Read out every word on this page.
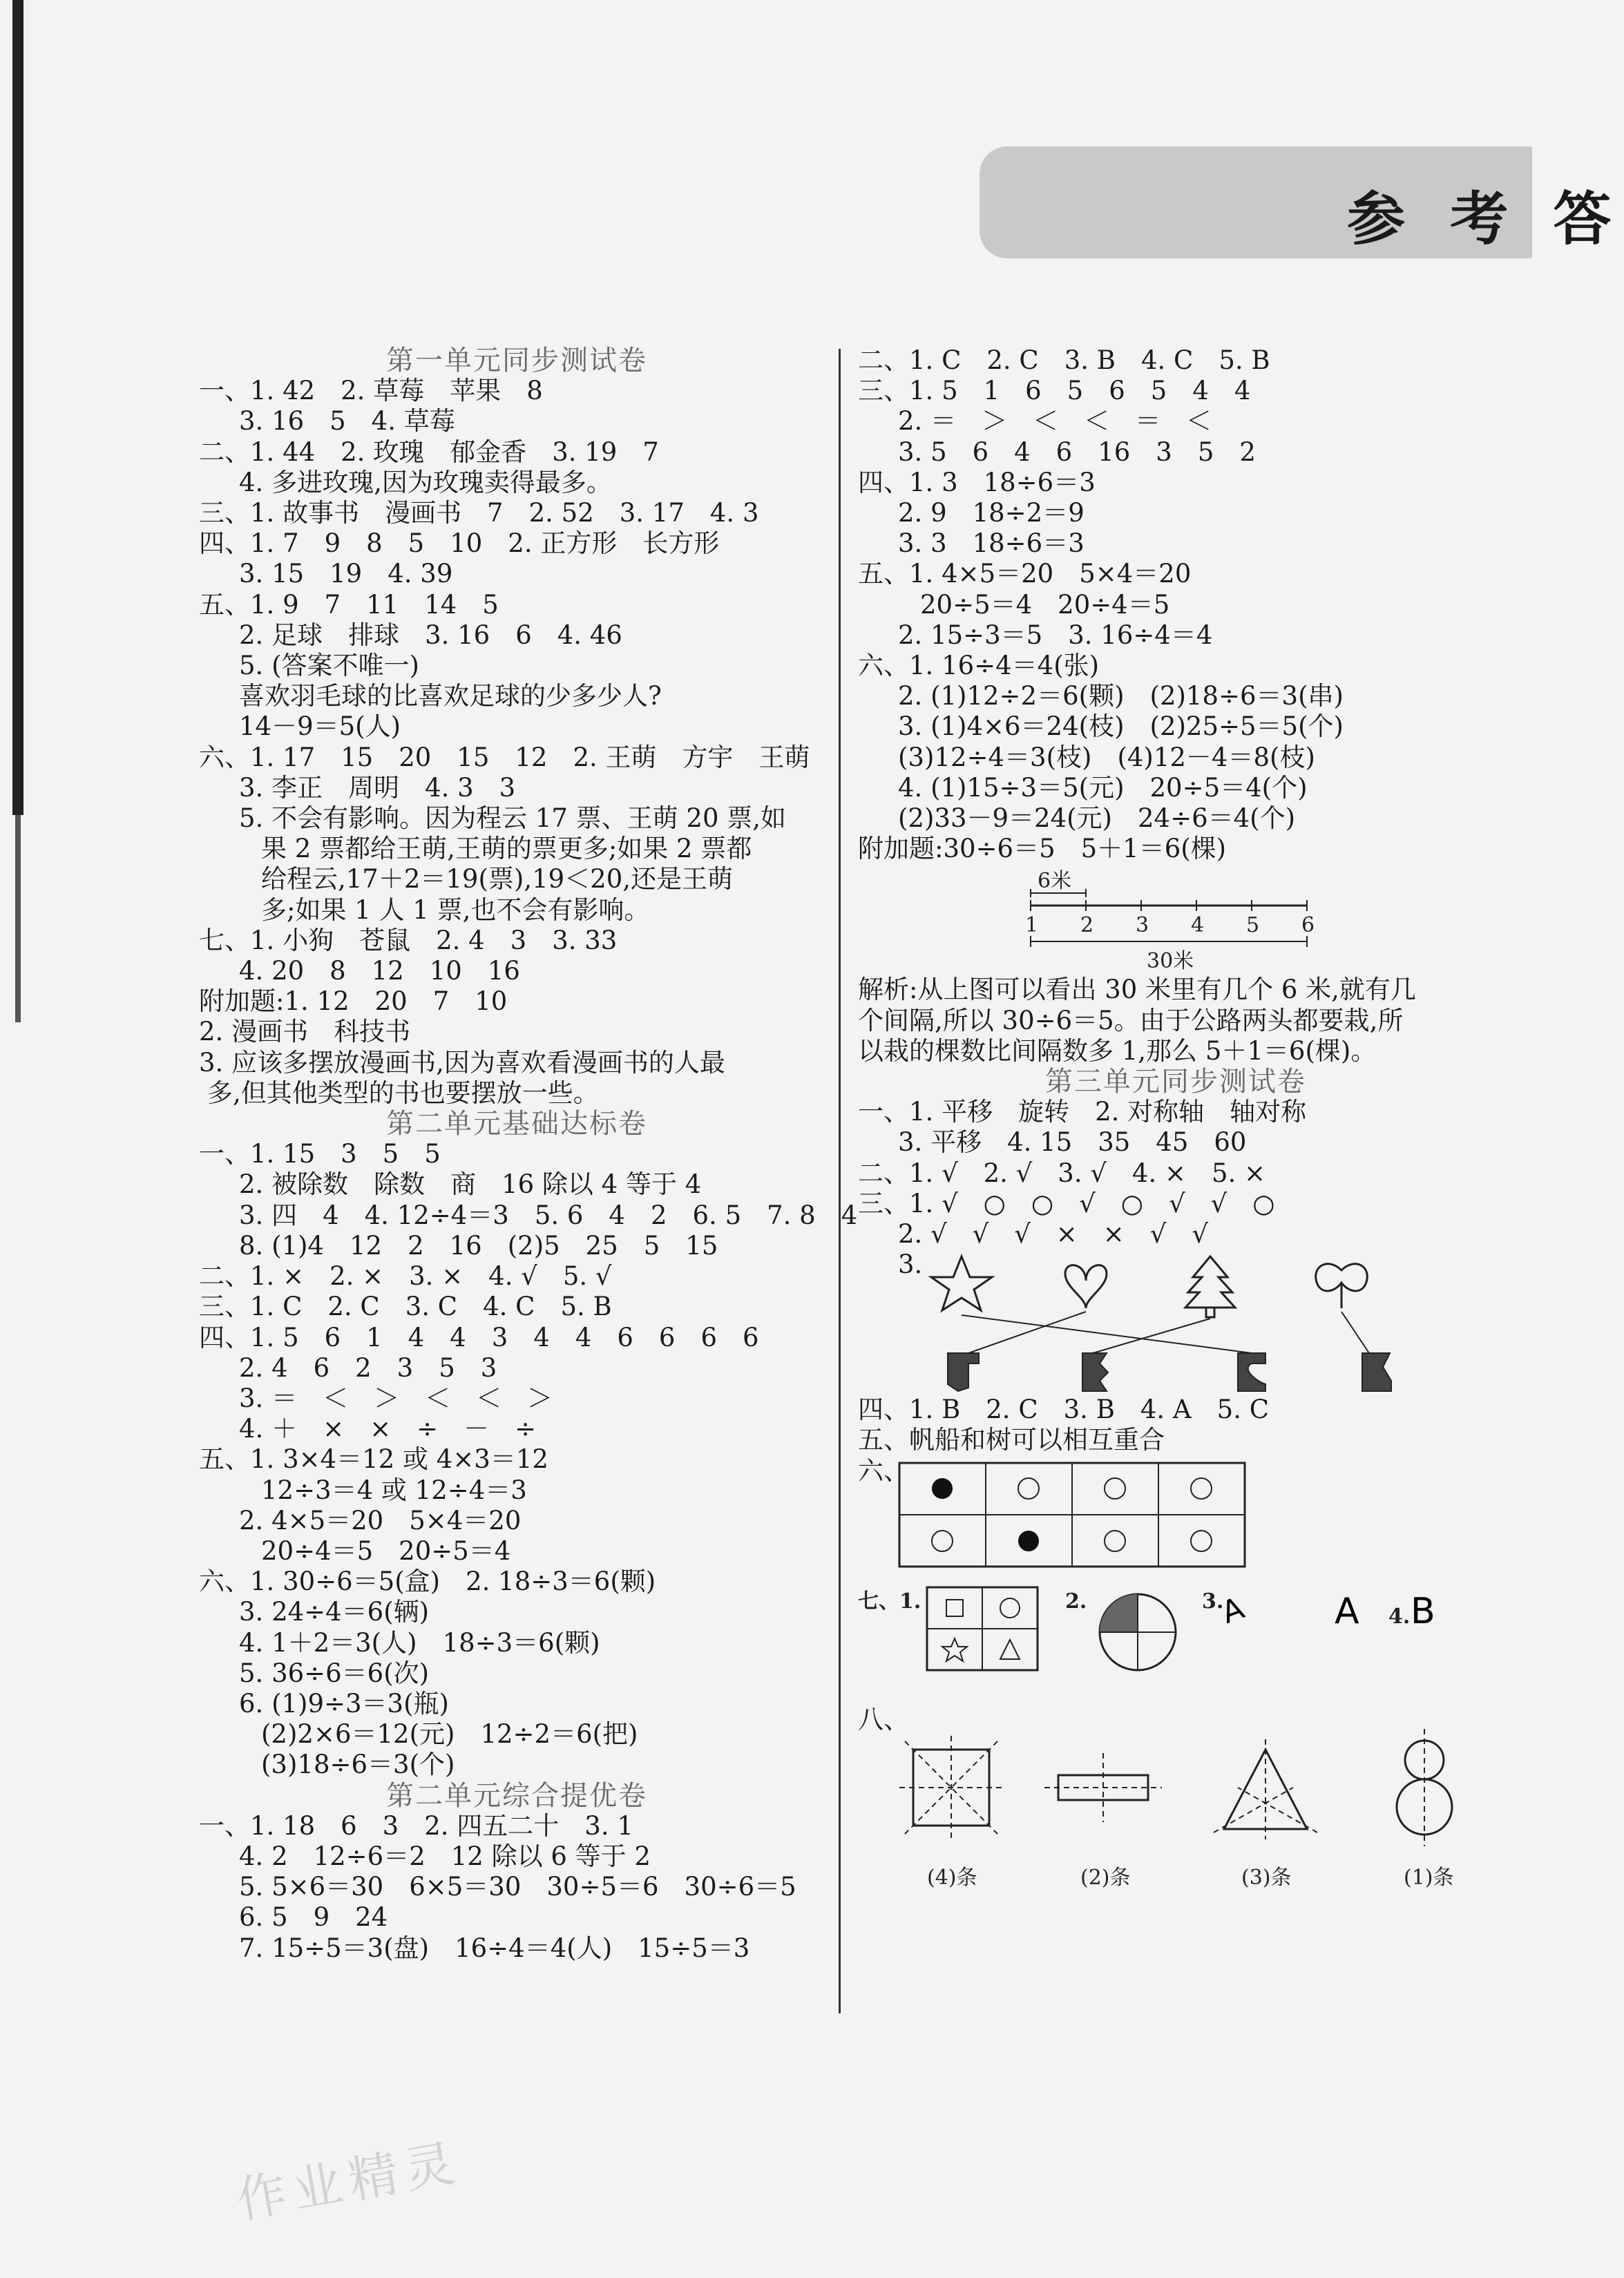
参 考 答
第一单元同步测试卷
一、1. 42　2. 草莓　苹果　8
3. 16　5　4. 草莓
二、1. 44　2. 玫瑰　郁金香　3. 19　7
4. 多进玫瑰,因为玫瑰卖得最多。
三、1. 故事书　漫画书　7　2. 52　3. 17　4. 3
四、1. 7　9　8　5　10　2. 正方形　长方形
3. 15　19　4. 39
五、1. 9　7　11　14　5
2. 足球　排球　3. 16　6　4. 46
5. (答案不唯一)
喜欢羽毛球的比喜欢足球的少多少人?
14－9＝5(人)
六、1. 17　15　20　15　12　2. 王萌　方宇　王萌
3. 李正　周明　4. 3　3
5. 不会有影响。因为程云 17 票、王萌 20 票,如
果 2 票都给王萌,王萌的票更多;如果 2 票都
给程云,17＋2＝19(票),19＜20,还是王萌
多;如果 1 人 1 票,也不会有影响。
七、1. 小狗　苍鼠　2. 4　3　3. 33
4. 20　8　12　10　16
附加题:1. 12　20　7　10
2. 漫画书　科技书
3. 应该多摆放漫画书,因为喜欢看漫画书的人最
多,但其他类型的书也要摆放一些。
第二单元基础达标卷
一、1. 15　3　5　5
2. 被除数　除数　商　16 除以 4 等于 4
3. 四　4　4. 12÷4＝3　5. 6　4　2　6. 5　7. 8　4
8. (1)4　12　2　16　(2)5　25　5　15
二、1. ×　2. ×　3. ×　4. √　5. √
三、1. C　2. C　3. C　4. C　5. B
四、1. 5　6　1　4　4　3　4　4　6　6　6　6
2. 4　6　2　3　5　3
3. ＝　＜　＞　＜　＜　＞
4. ＋　×　×　÷　－　÷
五、1. 3×4＝12 或 4×3＝12
12÷3＝4 或 12÷4＝3
2. 4×5＝20　5×4＝20
20÷4＝5　20÷5＝4
六、1. 30÷6＝5(盒)　2. 18÷3＝6(颗)
3. 24÷4＝6(辆)
4. 1＋2＝3(人)　18÷3＝6(颗)
5. 36÷6＝6(次)
6. (1)9÷3＝3(瓶)
(2)2×6＝12(元)　12÷2＝6(把)
(3)18÷6＝3(个)
第二单元综合提优卷
一、1. 18　6　3　2. 四五二十　3. 1
4. 2　12÷6＝2　12 除以 6 等于 2
5. 5×6＝30　6×5＝30　30÷5＝6　30÷6＝5
6. 5　9　24
7. 15÷5＝3(盘)　16÷4＝4(人)　15÷5＝3
二、1. C　2. C　3. B　4. C　5. B
三、1. 5　1　6　5　6　5　4　4
2. ＝　＞　＜　＜　＝　＜
3. 5　6　4　6　16　3　5　2
四、1. 3　18÷6＝3
2. 9　18÷2＝9
3. 3　18÷6＝3
五、1. 4×5＝20　5×4＝20
20÷5＝4　20÷4＝5
2. 15÷3＝5　3. 16÷4＝4
六、1. 16÷4＝4(张)
2. (1)12÷2＝6(颗)　(2)18÷6＝3(串)
3. (1)4×6＝24(枝)　(2)25÷5＝5(个)
(3)12÷4＝3(枝)　(4)12－4＝8(枝)
4. (1)15÷3＝5(元)　20÷5＝4(个)
(2)33－9＝24(元)　24÷6＝4(个)
附加题:30÷6＝5　5＋1＝6(棵)
6米
1 2 3 4 5 6
30米
解析:从上图可以看出 30 米里有几个 6 米,就有几
个间隔,所以 30÷6＝5。由于公路两头都要栽,所
以栽的棵数比间隔数多 1,那么 5＋1＝6(棵)。
第三单元同步测试卷
一、1. 平移　旋转　2. 对称轴　轴对称
3. 平移　4. 15　35　45　60
二、1. √　2. √　3. √　4. ×　5. ×
三、1. √　○　○　√　○　√　√　○
2. √　√　√　×　×　√　√
3.
四、1. B　2. C　3. B　4. A　5. C
五、帆船和树可以相互重合
六、
七、1.	2.	3.
A A 4. B
八、
(4)条	(2)条	(3)条	(1)条
作业精灵
